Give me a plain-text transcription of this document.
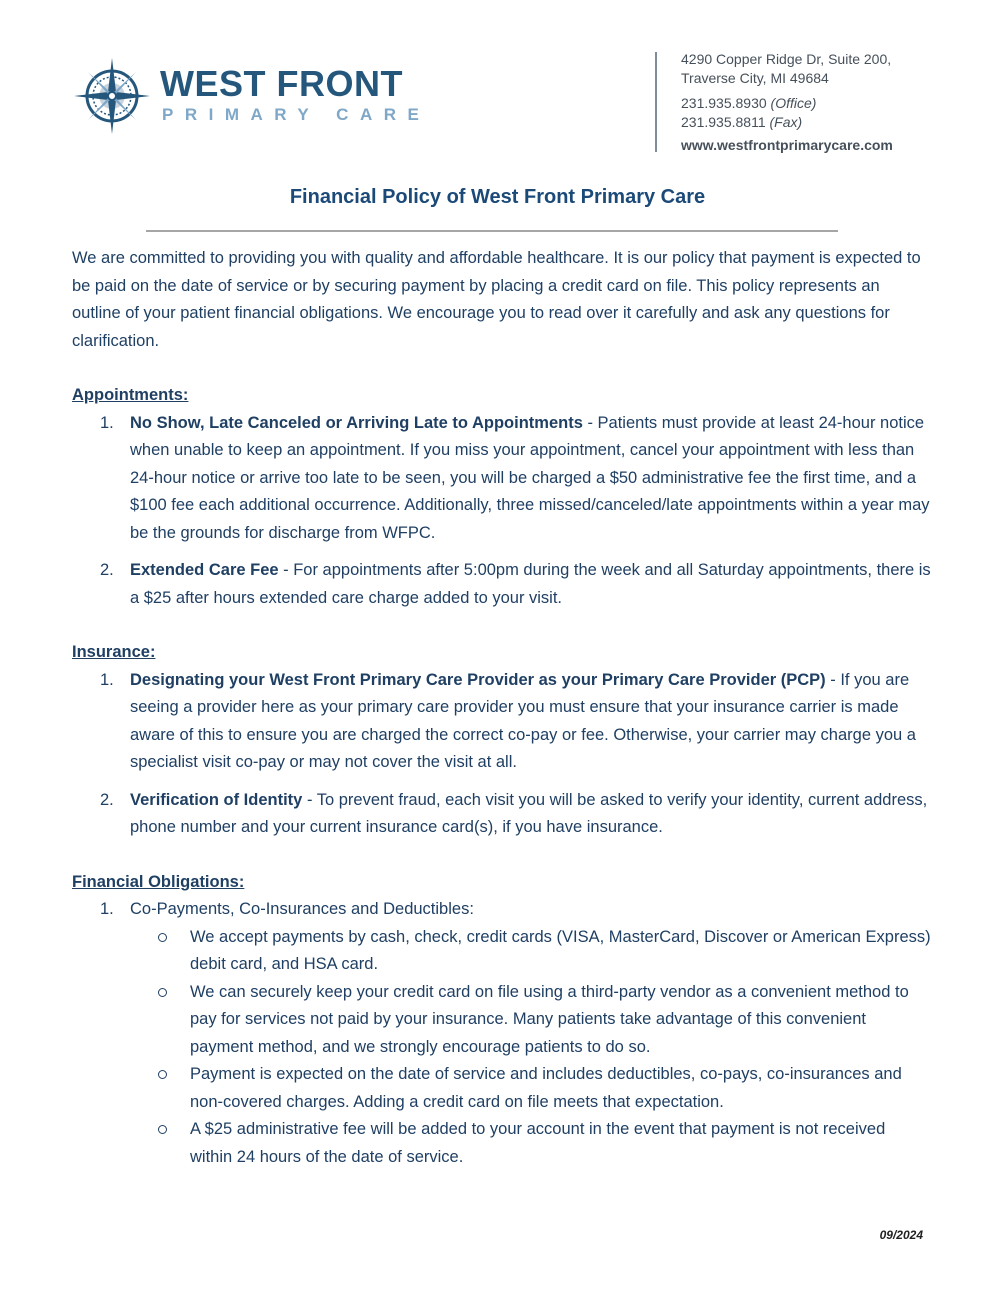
WEST FRONT
PRIMARY CARE
4290 Copper Ridge Dr, Suite 200,
Traverse City, MI 49684
231.935.8930 (Office)
231.935.8811 (Fax)
www.westfrontprimarycare.com
Financial Policy of West Front Primary Care

We are committed to providing you with quality and affordable healthcare. It is our policy that payment is expected to be paid on the date of service or by securing payment by placing a credit card on file. This policy represents an outline of your patient financial obligations. We encourage you to read over it carefully and ask any questions for clarification.

Appointments:
1. No Show, Late Canceled or Arriving Late to Appointments - Patients must provide at least 24-hour notice when unable to keep an appointment. If you miss your appointment, cancel your appointment with less than 24-hour notice or arrive too late to be seen, you will be charged a $50 administrative fee the first time, and a $100 fee each additional occurrence. Additionally, three missed/canceled/late appointments within a year may be the grounds for discharge from WFPC.
2. Extended Care Fee - For appointments after 5:00pm during the week and all Saturday appointments, there is a $25 after hours extended care charge added to your visit.
Insurance:
1. Designating your West Front Primary Care Provider as your Primary Care Provider (PCP) - If you are seeing a provider here as your primary care provider you must ensure that your insurance carrier is made aware of this to ensure you are charged the correct co-pay or fee. Otherwise, your carrier may charge you a specialist visit co-pay or may not cover the visit at all.
2. Verification of Identity - To prevent fraud, each visit you will be asked to verify your identity, current address, phone number and your current insurance card(s), if you have insurance.
Financial Obligations:
1. Co-Payments, Co-Insurances and Deductibles:
We accept payments by cash, check, credit cards (VISA, MasterCard, Discover or American Express) debit card, and HSA card.
We can securely keep your credit card on file using a third-party vendor as a convenient method to pay for services not paid by your insurance. Many patients take advantage of this convenient payment method, and we strongly encourage patients to do so.
Payment is expected on the date of service and includes deductibles, co-pays, co-insurances and non-covered charges. Adding a credit card on file meets that expectation.
A $25 administrative fee will be added to your account in the event that payment is not received within 24 hours of the date of service.
09/2024
